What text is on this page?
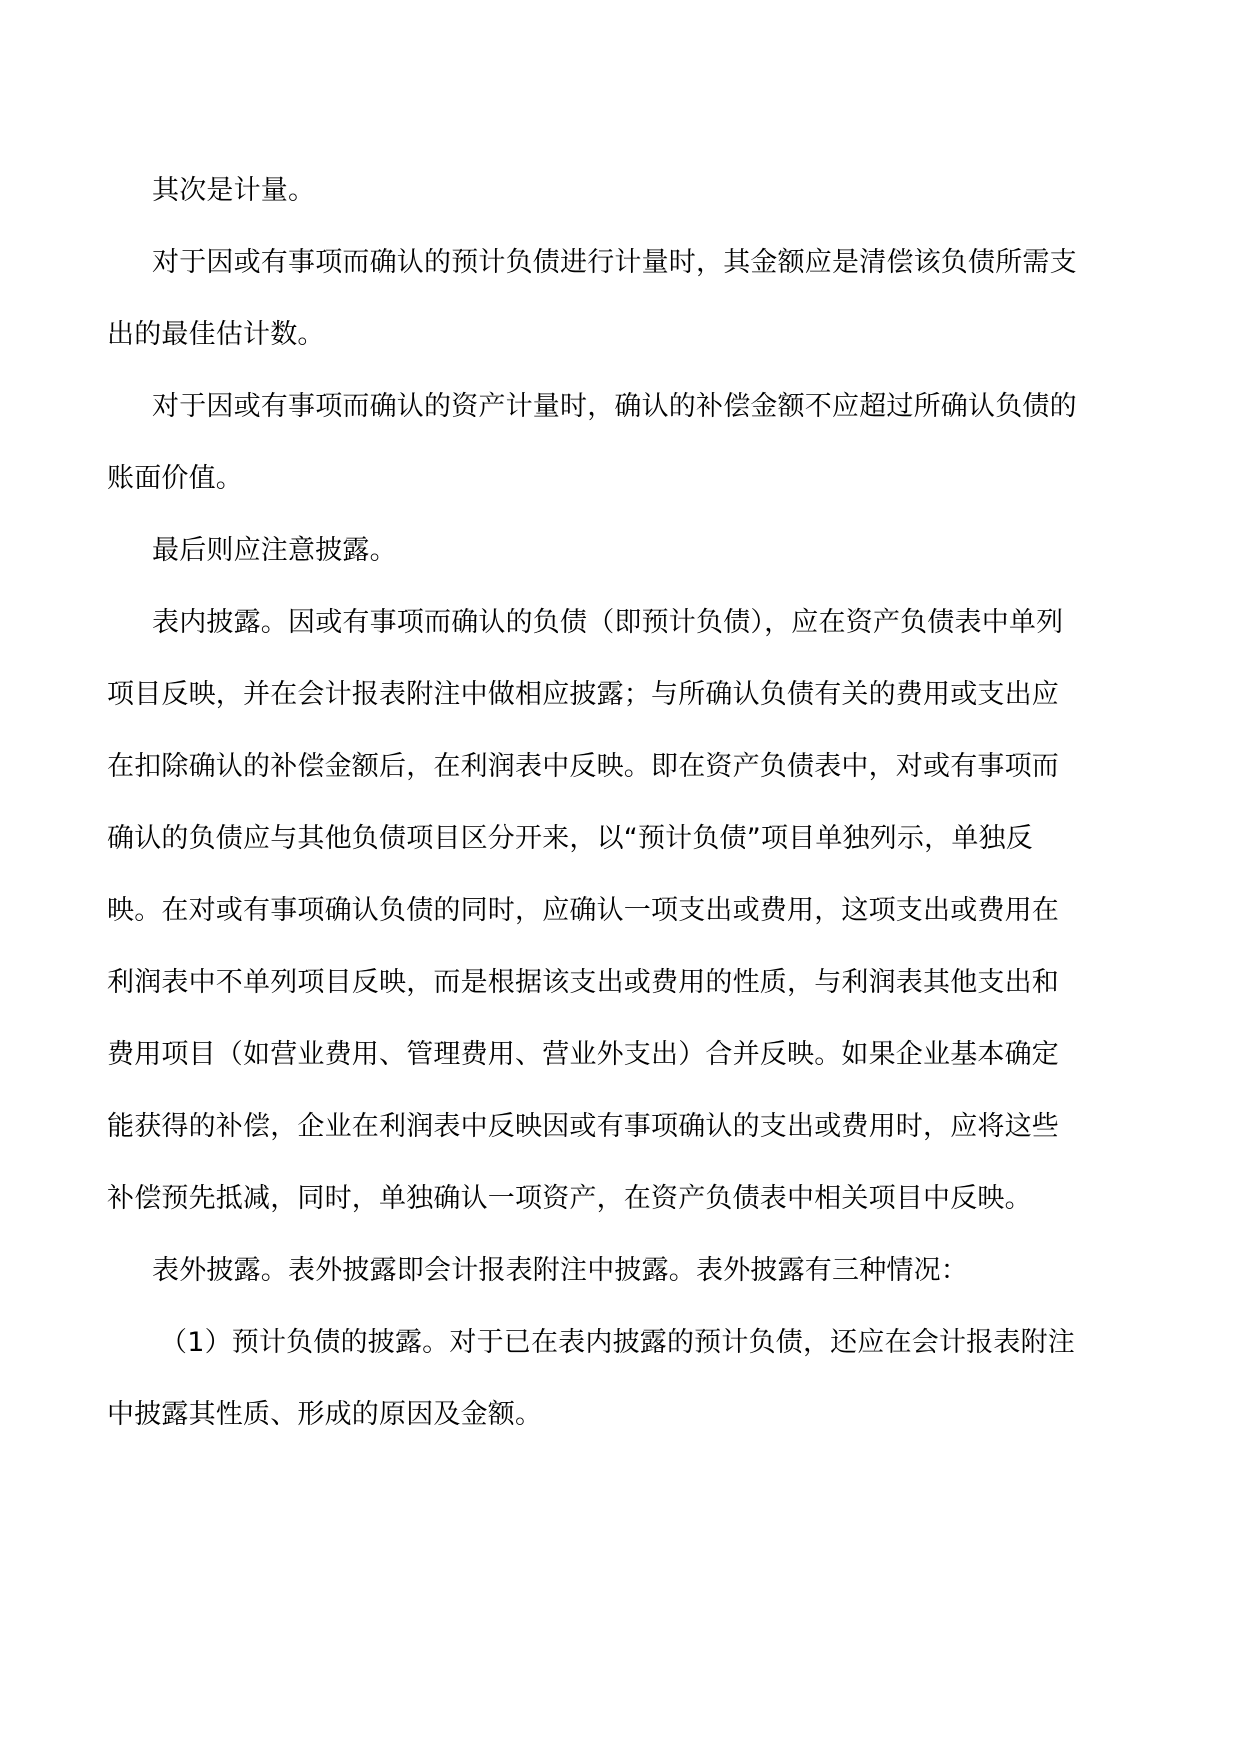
其次是计量。
对于因或有事项而确认的预计负债进行计量时，其金额应是清偿该负债所需支
出的最佳估计数。
对于因或有事项而确认的资产计量时，确认的补偿金额不应超过所确认负债的
账面价值。
最后则应注意披露。
表内披露。因或有事项而确认的负债（即预计负债），应在资产负债表中单列
项目反映，并在会计报表附注中做相应披露；与所确认负债有关的费用或支出应
在扣除确认的补偿金额后，在利润表中反映。即在资产负债表中，对或有事项而
确认的负债应与其他负债项目区分开来，以“预计负债”项目单独列示，单独反
映。在对或有事项确认负债的同时，应确认一项支出或费用，这项支出或费用在
利润表中不单列项目反映，而是根据该支出或费用的性质，与利润表其他支出和
费用项目（如营业费用、管理费用、营业外支出）合并反映。如果企业基本确定
能获得的补偿，企业在利润表中反映因或有事项确认的支出或费用时，应将这些
补偿预先抵减，同时，单独确认一项资产，在资产负债表中相关项目中反映。
表外披露。表外披露即会计报表附注中披露。表外披露有三种情况：
（1）预计负债的披露。对于已在表内披露的预计负债，还应在会计报表附注
中披露其性质、形成的原因及金额。
